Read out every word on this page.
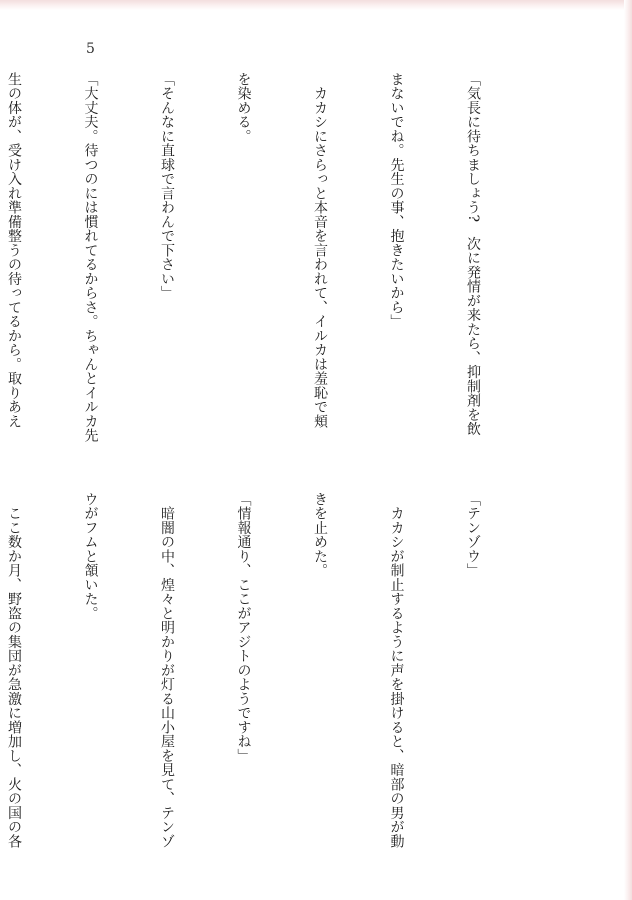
5

「気長に待ちましょう?　次に発情が来たら、抑制剤を飲

まないでね。先生の事、抱きたいから」

　カカシにさらっと本音を言われて、イルカは羞恥で頬

を染める。

「そんなに直球で言わんで下さい」

「大丈夫。待つのには慣れてるからさ。ちゃんとイルカ先

生の体が、受け入れ準備整うの待ってるから。取りあえ

「テンゾウ」

　カカシが制止するように声を掛けると、暗部の男が動

きを止めた。

「情報通り、ここがアジトのようですね」

　暗闇の中、煌々と明かりが灯る山小屋を見て、テンゾ

ウがフムと頷いた。

　ここ数か月、野盗の集団が急激に増加し、火の国の各
